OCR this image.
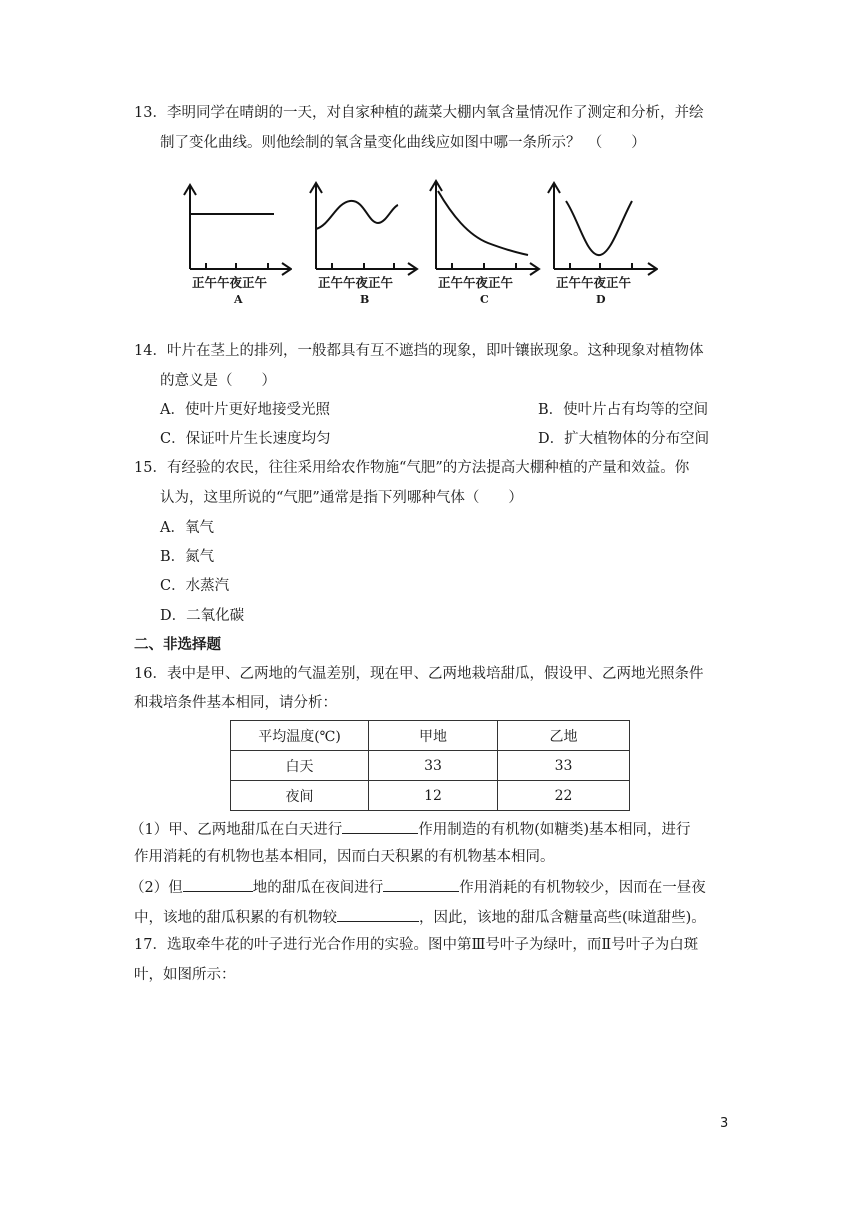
13．李明同学在晴朗的一天，对自家种植的蔬菜大棚内氧含量情况作了测定和分析，并绘
制了变化曲线。则他绘制的氧含量变化曲线应如图中哪一条所示？　（　　）
正午午夜正午
A
正午午夜正午
B
正午午夜正午
C
正午午夜正午
D
14．叶片在茎上的排列，一般都具有互不遮挡的现象，即叶镶嵌现象。这种现象对植物体
的意义是（　　）
A．使叶片更好地接受光照	B．使叶片占有均等的空间
C．保证叶片生长速度均匀	D．扩大植物体的分布空间
15．有经验的农民，往往采用给农作物施“气肥”的方法提高大棚种植的产量和效益。你
认为，这里所说的“气肥”通常是指下列哪种气体（　　）
A．氧气
B．氮气
C．水蒸汽
D．二氧化碳
二、非选择题
16．表中是甲、乙两地的气温差别，现在甲、乙两地栽培甜瓜，假设甲、乙两地光照条件
和栽培条件基本相同，请分析：
平均温度(℃)	甲地	乙地
白天	33	33
夜间	12	22
（1）甲、乙两地甜瓜在白天进行	作用制造的有机物(如糖类)基本相同，进行
作用消耗的有机物也基本相同，因而白天积累的有机物基本相同。
（2）但	地的甜瓜在夜间进行	作用消耗的有机物较少，因而在一昼夜
中，该地的甜瓜积累的有机物较	，因此，该地的甜瓜含糖量高些(味道甜些)。
17．选取牵牛花的叶子进行光合作用的实验。图中第Ⅲ号叶子为绿叶，而Ⅱ号叶子为白斑
叶，如图所示：
3
